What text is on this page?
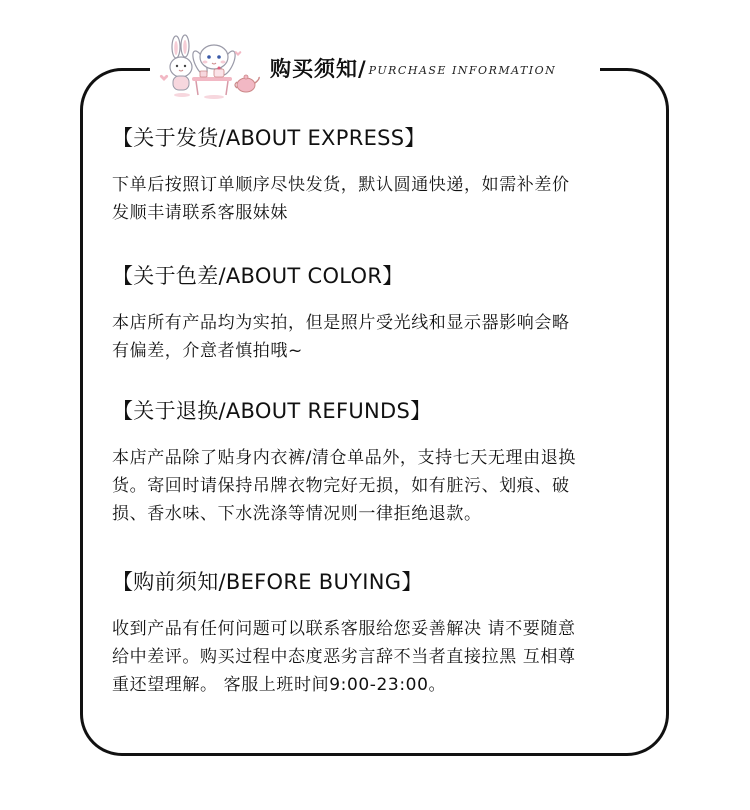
购买须知/ PURCHASE INFORMATION
【关于发货/ABOUT EXPRESS】
下单后按照订单顺序尽快发货，默认圆通快递，如需补差价
发顺丰请联系客服妹妹
【关于色差/ABOUT COLOR】
本店所有产品均为实拍，但是照片受光线和显示器影响会略
有偏差，介意者慎拍哦~
【关于退换/ABOUT REFUNDS】
本店产品除了贴身内衣裤/清仓单品外，支持七天无理由退换
货。寄回时请保持吊牌衣物完好无损，如有脏污、划痕、破
损、香水味、下水洗涤等情况则一律拒绝退款。
【购前须知/BEFORE BUYING】
收到产品有任何问题可以联系客服给您妥善解决 请不要随意
给中差评。购买过程中态度恶劣言辞不当者直接拉黑 互相尊
重还望理解。 客服上班时间9:00-23:00。
